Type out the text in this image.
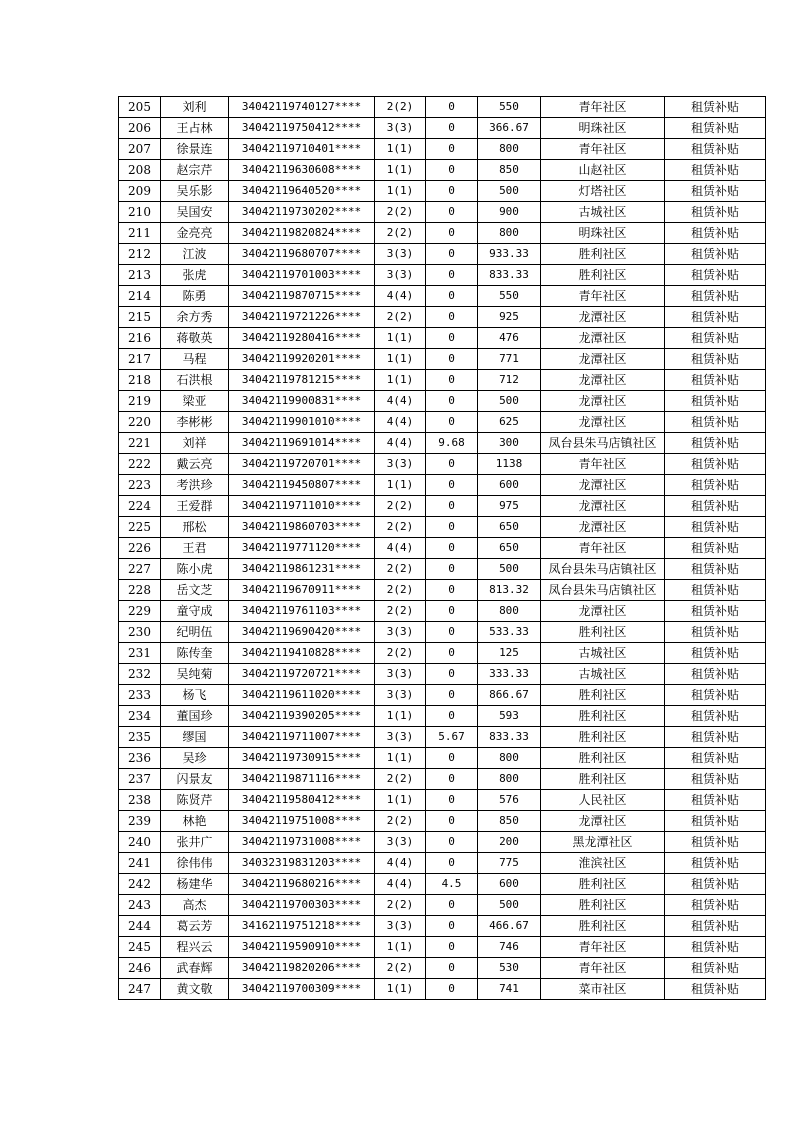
205	刘利	34042119740127****	2(2)	0	550	青年社区	租赁补贴
206	王占林	34042119750412****	3(3)	0	366.67	明珠社区	租赁补贴
207	徐景连	34042119710401****	1(1)	0	800	青年社区	租赁补贴
208	赵宗芹	34042119630608****	1(1)	0	850	山赵社区	租赁补贴
209	吴乐影	34042119640520****	1(1)	0	500	灯塔社区	租赁补贴
210	吴国安	34042119730202****	2(2)	0	900	古城社区	租赁补贴
211	金亮亮	34042119820824****	2(2)	0	800	明珠社区	租赁补贴
212	江波	34042119680707****	3(3)	0	933.33	胜利社区	租赁补贴
213	张虎	34042119701003****	3(3)	0	833.33	胜利社区	租赁补贴
214	陈勇	34042119870715****	4(4)	0	550	青年社区	租赁补贴
215	余方秀	34042119721226****	2(2)	0	925	龙潭社区	租赁补贴
216	蒋敬英	34042119280416****	1(1)	0	476	龙潭社区	租赁补贴
217	马程	34042119920201****	1(1)	0	771	龙潭社区	租赁补贴
218	石洪根	34042119781215****	1(1)	0	712	龙潭社区	租赁补贴
219	梁亚	34042119900831****	4(4)	0	500	龙潭社区	租赁补贴
220	李彬彬	34042119901010****	4(4)	0	625	龙潭社区	租赁补贴
221	刘祥	34042119691014****	4(4)	9.68	300	凤台县朱马店镇社区	租赁补贴
222	戴云亮	34042119720701****	3(3)	0	1138	青年社区	租赁补贴
223	考洪珍	34042119450807****	1(1)	0	600	龙潭社区	租赁补贴
224	王爱群	34042119711010****	2(2)	0	975	龙潭社区	租赁补贴
225	邢松	34042119860703****	2(2)	0	650	龙潭社区	租赁补贴
226	王君	34042119771120****	4(4)	0	650	青年社区	租赁补贴
227	陈小虎	34042119861231****	2(2)	0	500	凤台县朱马店镇社区	租赁补贴
228	岳文芝	34042119670911****	2(2)	0	813.32	凤台县朱马店镇社区	租赁补贴
229	童守成	34042119761103****	2(2)	0	800	龙潭社区	租赁补贴
230	纪明伍	34042119690420****	3(3)	0	533.33	胜利社区	租赁补贴
231	陈传奎	34042119410828****	2(2)	0	125	古城社区	租赁补贴
232	吴纯菊	34042119720721****	3(3)	0	333.33	古城社区	租赁补贴
233	杨飞	34042119611020****	3(3)	0	866.67	胜利社区	租赁补贴
234	董国珍	34042119390205****	1(1)	0	593	胜利社区	租赁补贴
235	缪国	34042119711007****	3(3)	5.67	833.33	胜利社区	租赁补贴
236	吴珍	34042119730915****	1(1)	0	800	胜利社区	租赁补贴
237	闪景友	34042119871116****	2(2)	0	800	胜利社区	租赁补贴
238	陈贤芹	34042119580412****	1(1)	0	576	人民社区	租赁补贴
239	林艳	34042119751008****	2(2)	0	850	龙潭社区	租赁补贴
240	张井广	34042119731008****	3(3)	0	200	黑龙潭社区	租赁补贴
241	徐伟伟	34032319831203****	4(4)	0	775	淮滨社区	租赁补贴
242	杨建华	34042119680216****	4(4)	4.5	600	胜利社区	租赁补贴
243	高杰	34042119700303****	2(2)	0	500	胜利社区	租赁补贴
244	葛云芳	34162119751218****	3(3)	0	466.67	胜利社区	租赁补贴
245	程兴云	34042119590910****	1(1)	0	746	青年社区	租赁补贴
246	武春辉	34042119820206****	2(2)	0	530	青年社区	租赁补贴
247	黄文敬	34042119700309****	1(1)	0	741	菜市社区	租赁补贴
